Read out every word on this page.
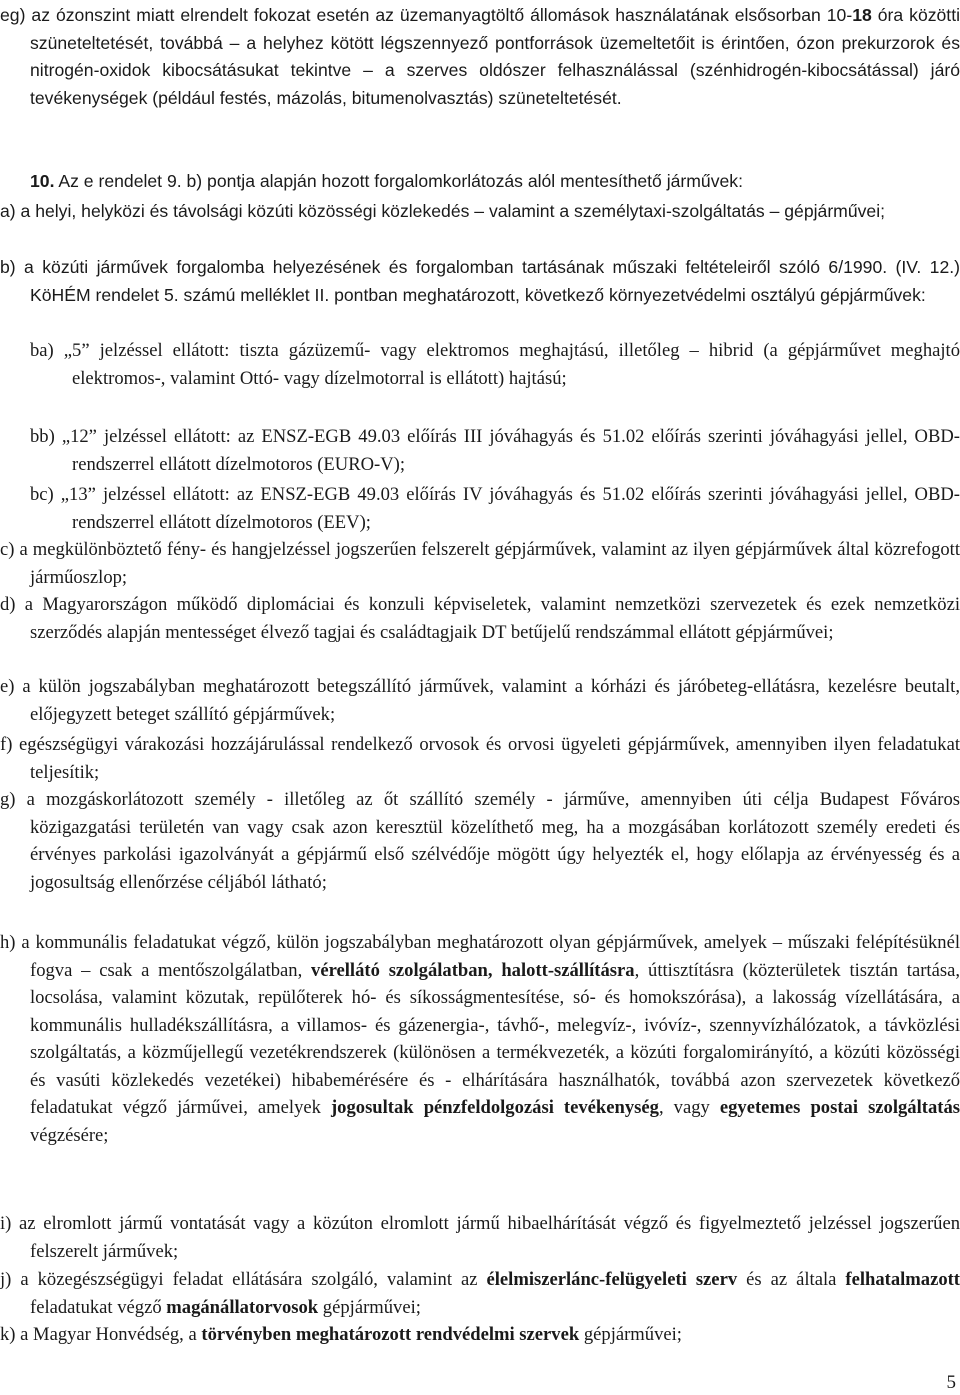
eg) az ózonszint miatt elrendelt fokozat esetén az üzemanyagtöltő állomások használatának elsősorban 10-18 óra közötti szüneteltetését, továbbá ‒ a helyhez kötött légszennyező pontforrások üzemeltetőit is érintően, ózon prekurzorok és nitrogén-oxidok kibocsátásukat tekintve ‒ a szerves oldószer felhasználással (szénhidrogén-kibocsátással) járó tevékenységek (például festés, mázolás, bitumenolvasztás) szüneteltetését.
10. Az e rendelet 9. b) pontja alapján hozott forgalomkorlátozás alól mentesíthető járművek:
a) a helyi, helyközi és távolsági közúti közösségi közlekedés ‒ valamint a személytaxi-szolgáltatás ‒ gépjárművei;
b) a közúti járművek forgalomba helyezésének és forgalomban tartásának műszaki feltételeiről szóló 6/1990. (IV. 12.) KöHÉM rendelet 5. számú melléklet II. pontban meghatározott, következő környezetvédelmi osztályú gépjárművek:
ba) „5” jelzéssel ellátott: tiszta gázüzemű- vagy elektromos meghajtású, illetőleg ‒ hibrid (a gépjárművet meghajtó elektromos-, valamint Ottó- vagy dízelmotorral is ellátott) hajtású;
bb) „12” jelzéssel ellátott: az ENSZ-EGB 49.03 előírás III jóváhagyás és 51.02 előírás szerinti jóváhagyási jellel, OBD-rendszerrel ellátott dízelmotoros (EURO-V);
bc) „13” jelzéssel ellátott: az ENSZ-EGB 49.03 előírás IV jóváhagyás és 51.02 előírás szerinti jóváhagyási jellel, OBD-rendszerrel ellátott dízelmotoros (EEV);
c) a megkülönböztető fény- és hangjelzéssel jogszerűen felszerelt gépjárművek, valamint az ilyen gépjárművek által közrefogott járműoszlop;
d) a Magyarországon működő diplomáciai és konzuli képviseletek, valamint nemzetközi szervezetek és ezek nemzetközi szerződés alapján mentességet élvező tagjai és családtagjaik DT betűjelű rendszámmal ellátott gépjárművei;
e) a külön jogszabályban meghatározott betegszállító járművek, valamint a kórházi és járóbeteg-ellátásra, kezelésre beutalt, előjegyzett beteget szállító gépjárművek;
f) egészségügyi várakozási hozzájárulással rendelkező orvosok és orvosi ügyeleti gépjárművek, amennyiben ilyen feladatukat teljesítik;
g) a mozgáskorlátozott személy - illetőleg az őt szállító személy - járműve, amennyiben úti célja Budapest Főváros közigazgatási területén van vagy csak azon keresztül közelíthető meg, ha a mozgásában korlátozott személy eredeti és érvényes parkolási igazolványát a gépjármű első szélvédője mögött úgy helyezték el, hogy előlapja az érvényesség és a jogosultság ellenőrzése céljából látható;
h) a kommunális feladatukat végző, külön jogszabályban meghatározott olyan gépjárművek, amelyek ‒ műszaki felépítésüknél fogva ‒ csak a mentőszolgálatban, vérellátó szolgálatban, halott-szállításra, úttisztításra (közterületek tisztán tartása, locsolása, valamint közutak, repülőterek hó- és síkosságmentesítése, só- és homokszórása), a lakosság vízellátására, a kommunális hulladékszállításra, a villamos- és gázenergia-, távhő-, melegvíz-, ivóvíz-, szennyvízhálózatok, a távközlési szolgáltatás, a közműjellegű vezetékrendszerek (különösen a termékvezeték, a közúti forgalomirányító, a közúti közösségi és vasúti közlekedés vezetékei) hibabemérésére és - elhárítására használhatók, továbbá azon szervezetek következő feladatukat végző járművei, amelyek jogosultak pénzfeldolgozási tevékenység, vagy egyetemes postai szolgáltatás végzésére;
i) az elromlott jármű vontatását vagy a közúton elromlott jármű hibaelhárítását végző és figyelmeztető jelzéssel jogszerűen felszerelt járművek;
j) a közegészségügyi feladat ellátására szolgáló, valamint az élelmiszerlánc-felügyeleti szerv és az általa felhatalmazott feladatukat végző magánállatorvosok gépjárművei;
k) a Magyar Honvédség, a törvényben meghatározott rendvédelmi szervek gépjárművei;
5
